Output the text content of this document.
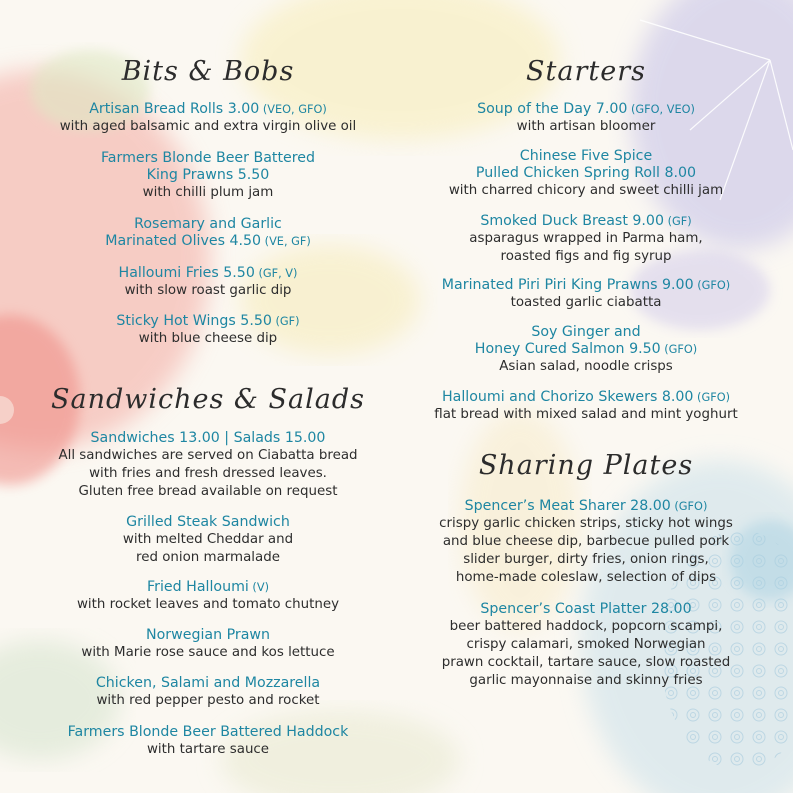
Bits & Bobs
Artisan Bread Rolls 3.00 (VEO, GFO)
with aged balsamic and extra virgin olive oil
Farmers Blonde Beer Battered
King Prawns 5.50
with chilli plum jam
Rosemary and Garlic
Marinated Olives 4.50 (VE, GF)
Halloumi Fries 5.50 (GF, V)
with slow roast garlic dip
Sticky Hot Wings 5.50 (GF)
with blue cheese dip
Sandwiches & Salads
Sandwiches 13.00 | Salads 15.00
All sandwiches are served on Ciabatta bread
with fries and fresh dressed leaves.
Gluten free bread available on request
Grilled Steak Sandwich
with melted Cheddar and
red onion marmalade
Fried Halloumi (V)
with rocket leaves and tomato chutney
Norwegian Prawn
with Marie rose sauce and kos lettuce
Chicken, Salami and Mozzarella
with red pepper pesto and rocket
Farmers Blonde Beer Battered Haddock
with tartare sauce
Starters
Soup of the Day 7.00 (GFO, VEO)
with artisan bloomer
Chinese Five Spice
Pulled Chicken Spring Roll 8.00
with charred chicory and sweet chilli jam
Smoked Duck Breast 9.00 (GF)
asparagus wrapped in Parma ham,
roasted figs and fig syrup
Marinated Piri Piri King Prawns 9.00 (GFO)
toasted garlic ciabatta
Soy Ginger and
Honey Cured Salmon 9.50 (GFO)
Asian salad, noodle crisps
Halloumi and Chorizo Skewers 8.00 (GFO)
flat bread with mixed salad and mint yoghurt
Sharing Plates
Spencer’s Meat Sharer 28.00 (GFO)
crispy garlic chicken strips, sticky hot wings
and blue cheese dip, barbecue pulled pork
slider burger, dirty fries, onion rings,
home-made coleslaw, selection of dips
Spencer’s Coast Platter 28.00
beer battered haddock, popcorn scampi,
crispy calamari, smoked Norwegian
prawn cocktail, tartare sauce, slow roasted
garlic mayonnaise and skinny fries
